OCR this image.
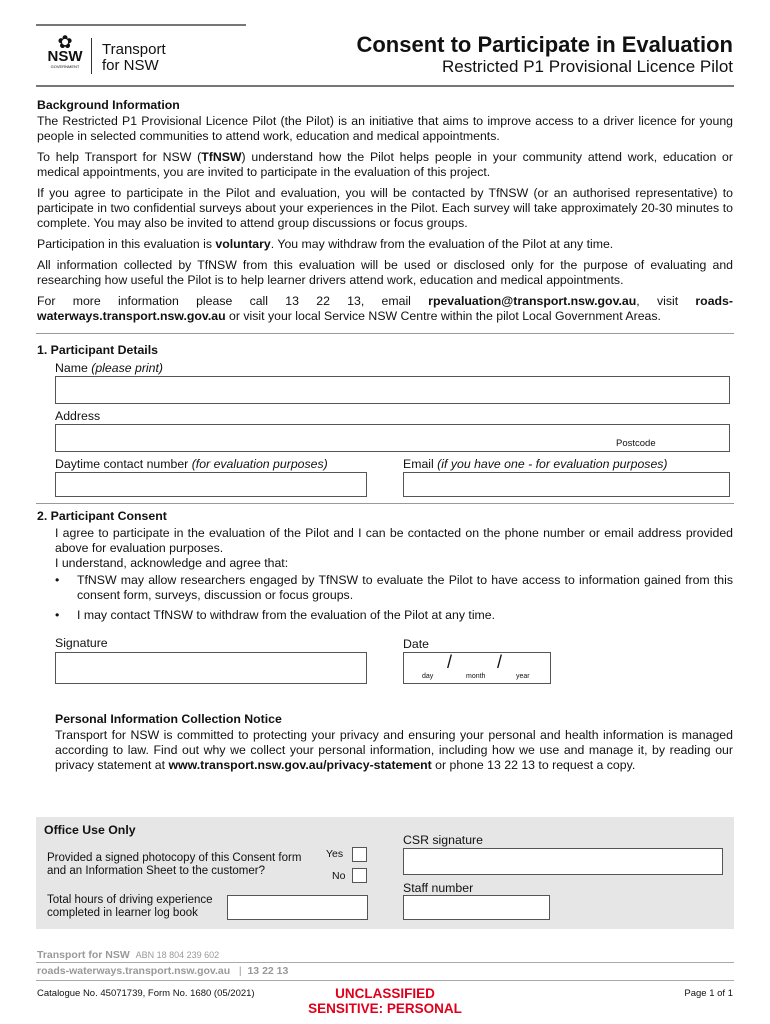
✿
NSW
GOVERNMENT
Transport
for NSW
Consent to Participate in Evaluation
Restricted P1 Provisional Licence Pilot
Background Information

The Restricted P1 Provisional Licence Pilot (the Pilot) is an initiative that aims to improve access to a driver licence for young people in selected communities to attend work, education and medical appointments.

To help Transport for NSW (TfNSW) understand how the Pilot helps people in your community attend work, education or medical appointments, you are invited to participate in the evaluation of this project.

If you agree to participate in the Pilot and evaluation, you will be contacted by TfNSW (or an authorised representative) to participate in two confidential surveys about your experiences in the Pilot. Each survey will take approximately 20-30 minutes to complete. You may also be invited to attend group discussions or focus groups.

Participation in this evaluation is voluntary. You may withdraw from the evaluation of the Pilot at any time.

All information collected by TfNSW from this evaluation will be used or disclosed only for the purpose of evaluating and researching how useful the Pilot is to help learner drivers attend work, education and medical appointments.

For more information please call 13 22 13, email rpevaluation@transport.nsw.gov.au, visit roads-waterways.transport.nsw.gov.au or visit your local Service NSW Centre within the pilot Local Government Areas.

1. Participant Details
Name (please print)
Address
Postcode
Daytime contact number (for evaluation purposes)	Email (if you have one - for evaluation purposes)
2. Participant Consent

I agree to participate in the evaluation of the Pilot and I can be contacted on the phone number or email address provided above for evaluation purposes.

I understand, acknowledge and agree that:

•	TfNSW may allow researchers engaged by TfNSW to evaluate the Pilot to have access to information gained from this consent form, surveys, discussion or focus groups.

•	I may contact TfNSW to withdraw from the evaluation of the Pilot at any time.

Signature	Date
/ /
day	month	year
Personal Information Collection Notice

Transport for NSW is committed to protecting your privacy and ensuring your personal and health information is managed according to law. Find out why we collect your personal information, including how we use and manage it, by reading our privacy statement at www.transport.nsw.gov.au/privacy-statement or phone 13 22 13 to request a copy.

Office Use Only
Provided a signed photocopy of this Consent form and an Information Sheet to the customer?
Yes
No
Total hours of driving experience completed in learner log book
CSR signature
Staff number
Transport for NSW ABN 18 804 239 602
roads-waterways.transport.nsw.gov.au   |  13 22 13
Catalogue No. 45071739, Form No. 1680 (05/2021)	UNCLASSIFIED
SENSITIVE: PERSONAL
Page 1 of 1
